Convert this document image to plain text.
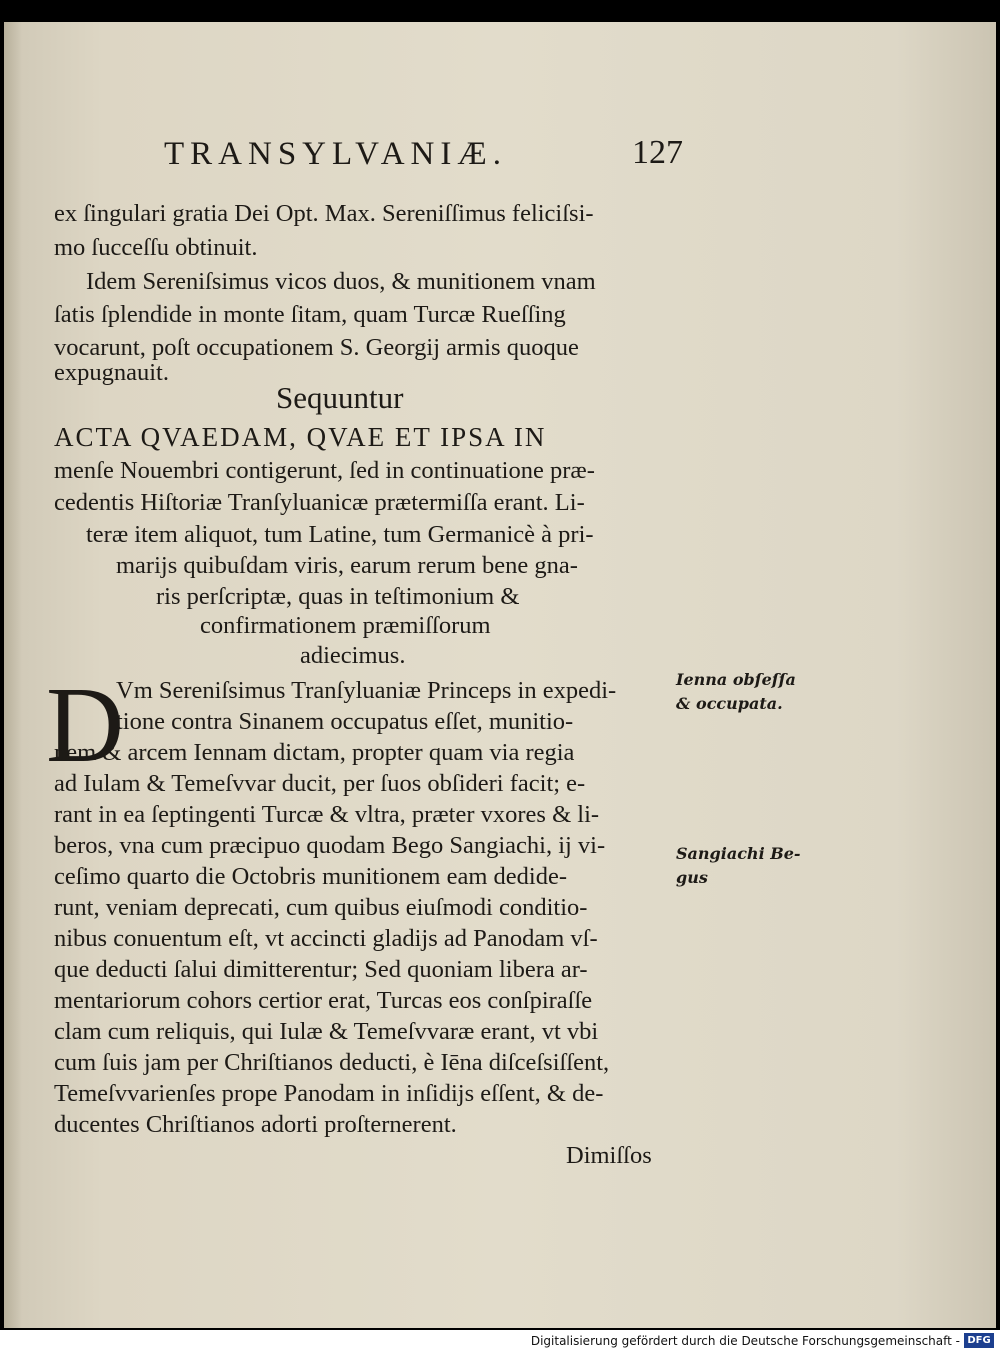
TRANSYLVANIÆ.	127
ex ſingulari gratia Dei Opt. Max. Sereniſſimus feliciſsi-
mo ſucceſſu obtinuit.
Idem Sereniſsimus vicos duos, & munitionem vnam
ſatis ſplendide in monte ſitam, quam Turcæ Rueſſing
vocarunt, poſt occupationem S. Georgij armis quoque
expugnauit.
Sequuntur
ACTA QVAEDAM, QVAE ET IPSA IN
menſe Nouembri contigerunt, ſed in continuatione præ-
cedentis Hiſtoriæ Tranſyluanicæ prætermiſſa erant. Li-
teræ item aliquot, tum Latine, tum Germanicè à pri-
marijs quibuſdam viris, earum rerum bene gna-
ris perſcriptæ, quas in teſtimonium &
confirmationem præmiſſorum
adiecimus.
D
Vm Sereniſsimus Tranſyluaniæ Princeps in expedi-
tione contra Sinanem occupatus eſſet, munitio-
nem & arcem Iennam dictam, propter quam via regia
ad Iulam & Temeſvvar ducit, per ſuos obſideri facit; e-
rant in ea ſeptingenti Turcæ & vltra, præter vxores & li-
beros, vna cum præcipuo quodam Bego Sangiachi, ij vi-
ceſimo quarto die Octobris munitionem eam dedide-
runt, veniam deprecati, cum quibus eiuſmodi conditio-
nibus conuentum eſt, vt accincti gladijs ad Panodam vſ-
que deducti ſalui dimitterentur; Sed quoniam libera ar-
mentariorum cohors certior erat, Turcas eos conſpiraſſe
clam cum reliquis, qui Iulæ & Temeſvvaræ erant, vt vbi
cum ſuis jam per Chriſtianos deducti, è Iēna diſceſsiſſent,
Temeſvvarienſes prope Panodam in inſidijs eſſent, & de-
ducentes Chriſtianos adorti proſternerent.
Dimiſſos
Ienna obſeſſa
& occupata.
Sangiachi Be-
gus
Digitalisierung gefördert durch die Deutsche Forschungsgemeinschaft - DFG
